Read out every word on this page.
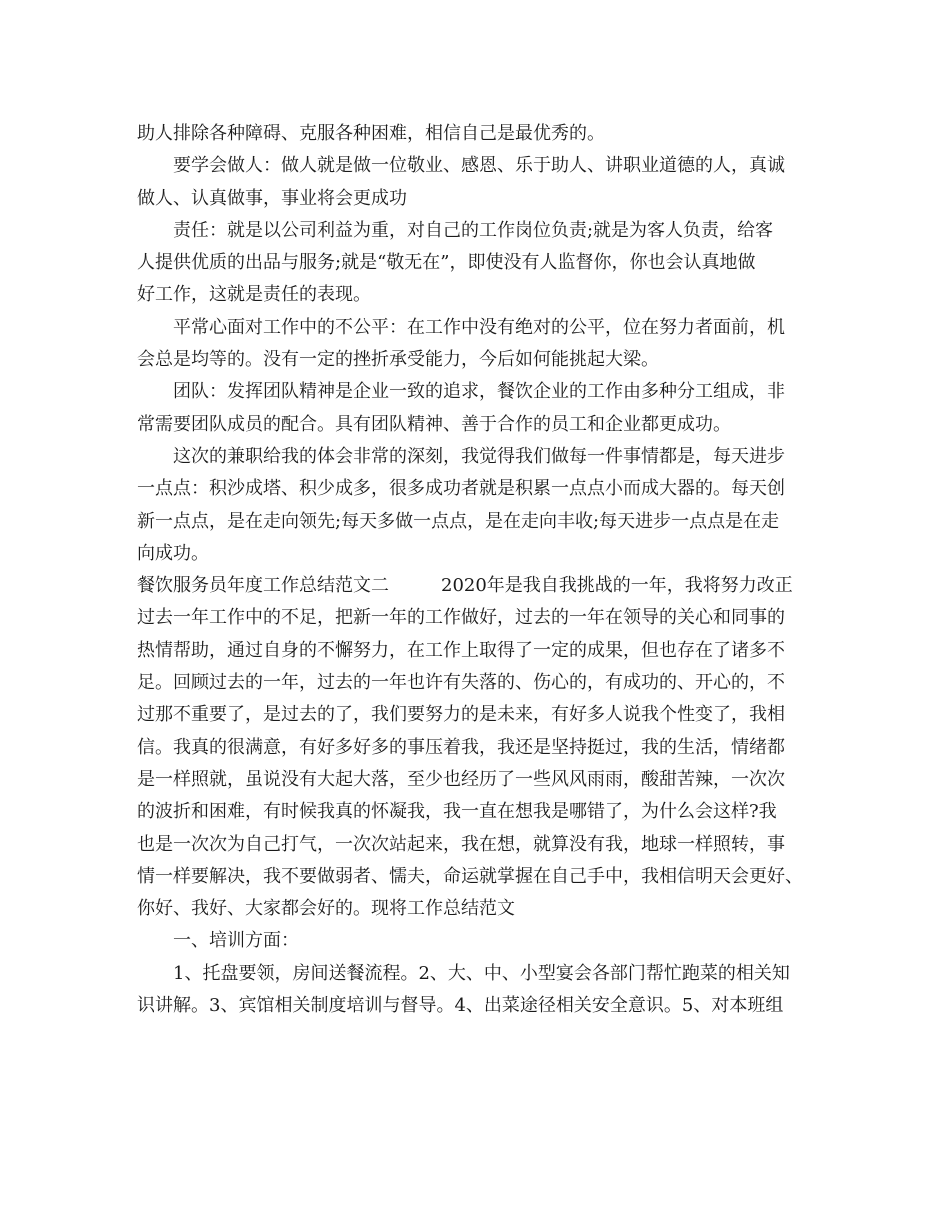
助人排除各种障碍、克服各种困难，相信自己是最优秀的。
要学会做人：做人就是做一位敬业、感恩、乐于助人、讲职业道德的人，真诚
做人、认真做事，事业将会更成功
责任：就是以公司利益为重，对自己的工作岗位负责;就是为客人负责，给客
人提供优质的出品与服务;就是“敬无在”，即使没有人监督你，你也会认真地做
好工作，这就是责任的表现。
平常心面对工作中的不公平：在工作中没有绝对的公平，位在努力者面前，机
会总是均等的。没有一定的挫折承受能力，今后如何能挑起大梁。
团队：发挥团队精神是企业一致的追求，餐饮企业的工作由多种分工组成，非
常需要团队成员的配合。具有团队精神、善于合作的员工和企业都更成功。
这次的兼职给我的体会非常的深刻，我觉得我们做每一件事情都是，每天进步
一点点：积沙成塔、积少成多，很多成功者就是积累一点点小而成大器的。每天创
新一点点，是在走向领先;每天多做一点点，是在走向丰收;每天进步一点点是在走
向成功。
餐饮服务员年度工作总结范文二	2020年是我自我挑战的一年，我将努力改正
过去一年工作中的不足，把新一年的工作做好，过去的一年在领导的关心和同事的
热情帮助，通过自身的不懈努力，在工作上取得了一定的成果，但也存在了诸多不
足。回顾过去的一年，过去的一年也许有失落的、伤心的，有成功的、开心的，不
过那不重要了，是过去的了，我们要努力的是未来，有好多人说我个性变了，我相
信。我真的很满意，有好多好多的事压着我，我还是坚持挺过，我的生活，情绪都
是一样照就，虽说没有大起大落，至少也经历了一些风风雨雨，酸甜苦辣，一次次
的波折和困难，有时候我真的怀凝我，我一直在想我是哪错了，为什么会这样?我
也是一次次为自己打气，一次次站起来，我在想，就算没有我，地球一样照转，事
情一样要解决，我不要做弱者、懦夫，命运就掌握在自己手中，我相信明天会更好、
你好、我好、大家都会好的。现将工作总结范文
一、培训方面：
1、托盘要领，房间送餐流程。2、大、中、小型宴会各部门帮忙跑菜的相关知
识讲解。3、宾馆相关制度培训与督导。4、出菜途径相关安全意识。5、对本班组
